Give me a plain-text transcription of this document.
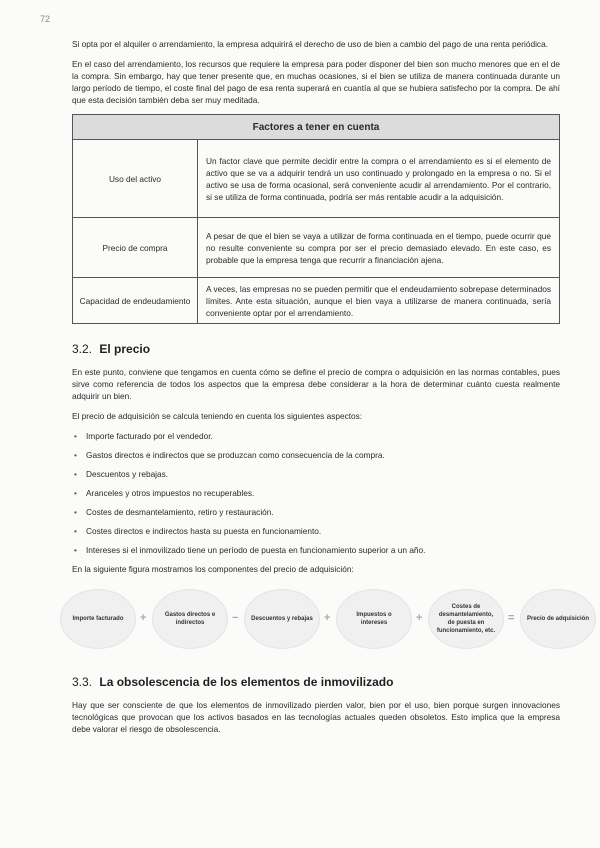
72

Si opta por el alquiler o arrendamiento, la empresa adquirirá el derecho de uso de bien a cambio del pago de una renta periódica.

En el caso del arrendamiento, los recursos que requiere la empresa para poder disponer del bien son mucho menores que en el de la compra. Sin embargo, hay que tener presente que, en muchas ocasiones, si el bien se utiliza de manera continuada durante un largo período de tiempo, el coste final del pago de esa renta superará en cuantía al que se hubiera satisfecho por la compra. De ahí que esta decisión también deba ser muy meditada.

Factores a tener en cuenta	
Uso del activo	Un factor clave que permite decidir entre la compra o el arrendamiento es si el elemento de activo que se va a adquirir tendrá un uso continuado y prolongado en la empresa o no. Si el activo se usa de forma ocasional, será conveniente acudir al arrendamiento. Por el contrario, si se utiliza de forma continuada, podría ser más rentable acudir a la adquisición.
Precio de compra	A pesar de que el bien se vaya a utilizar de forma continuada en el tiempo, puede ocurrir que no resulte conveniente su compra por ser el precio demasiado elevado. En este caso, es probable que la empresa tenga que recurrir a financiación ajena.
Capacidad de endeudamiento	A veces, las empresas no se pueden permitir que el endeudamiento sobrepase determinados límites. Ante esta situación, aunque el bien vaya a utilizarse de manera continuada, sería conveniente optar por el arrendamiento.
3.2. El precio

En este punto, conviene que tengamos en cuenta cómo se define el precio de compra o adquisición en las normas contables, pues sirve como referencia de todos los aspectos que la empresa debe considerar a la hora de determinar cuánto cuesta realmente adquirir un bien.

El precio de adquisición se calcula teniendo en cuenta los siguientes aspectos:

• Importe facturado por el vendedor.
• Gastos directos e indirectos que se produzcan como consecuencia de la compra.
• Descuentos y rebajas.
• Aranceles y otros impuestos no recuperables.
• Costes de desmantelamiento, retiro y restauración.
• Costes directos e indirectos hasta su puesta en funcionamiento.
• Intereses si el inmovilizado tiene un período de puesta en funcionamiento superior a un año.

En la siguiente figura mostramos los componentes del precio de adquisición:

Importe facturado	+	Gastos directos e indirectos	−	Descuentos y rebajas	+	Impuestos o intereses	+
Costes de desmantelamiento, de puesta en funcionamiento, etc.
=	Precio de adquisición
3.3. La obsolescencia de los elementos de inmovilizado

Hay que ser consciente de que los elementos de inmovilizado pierden valor, bien por el uso, bien porque surgen innovaciones tecnológicas que provocan que los activos basados en las tecnologías actuales queden obsoletos. Esto implica que la empresa debe valorar el riesgo de obsolescencia.
